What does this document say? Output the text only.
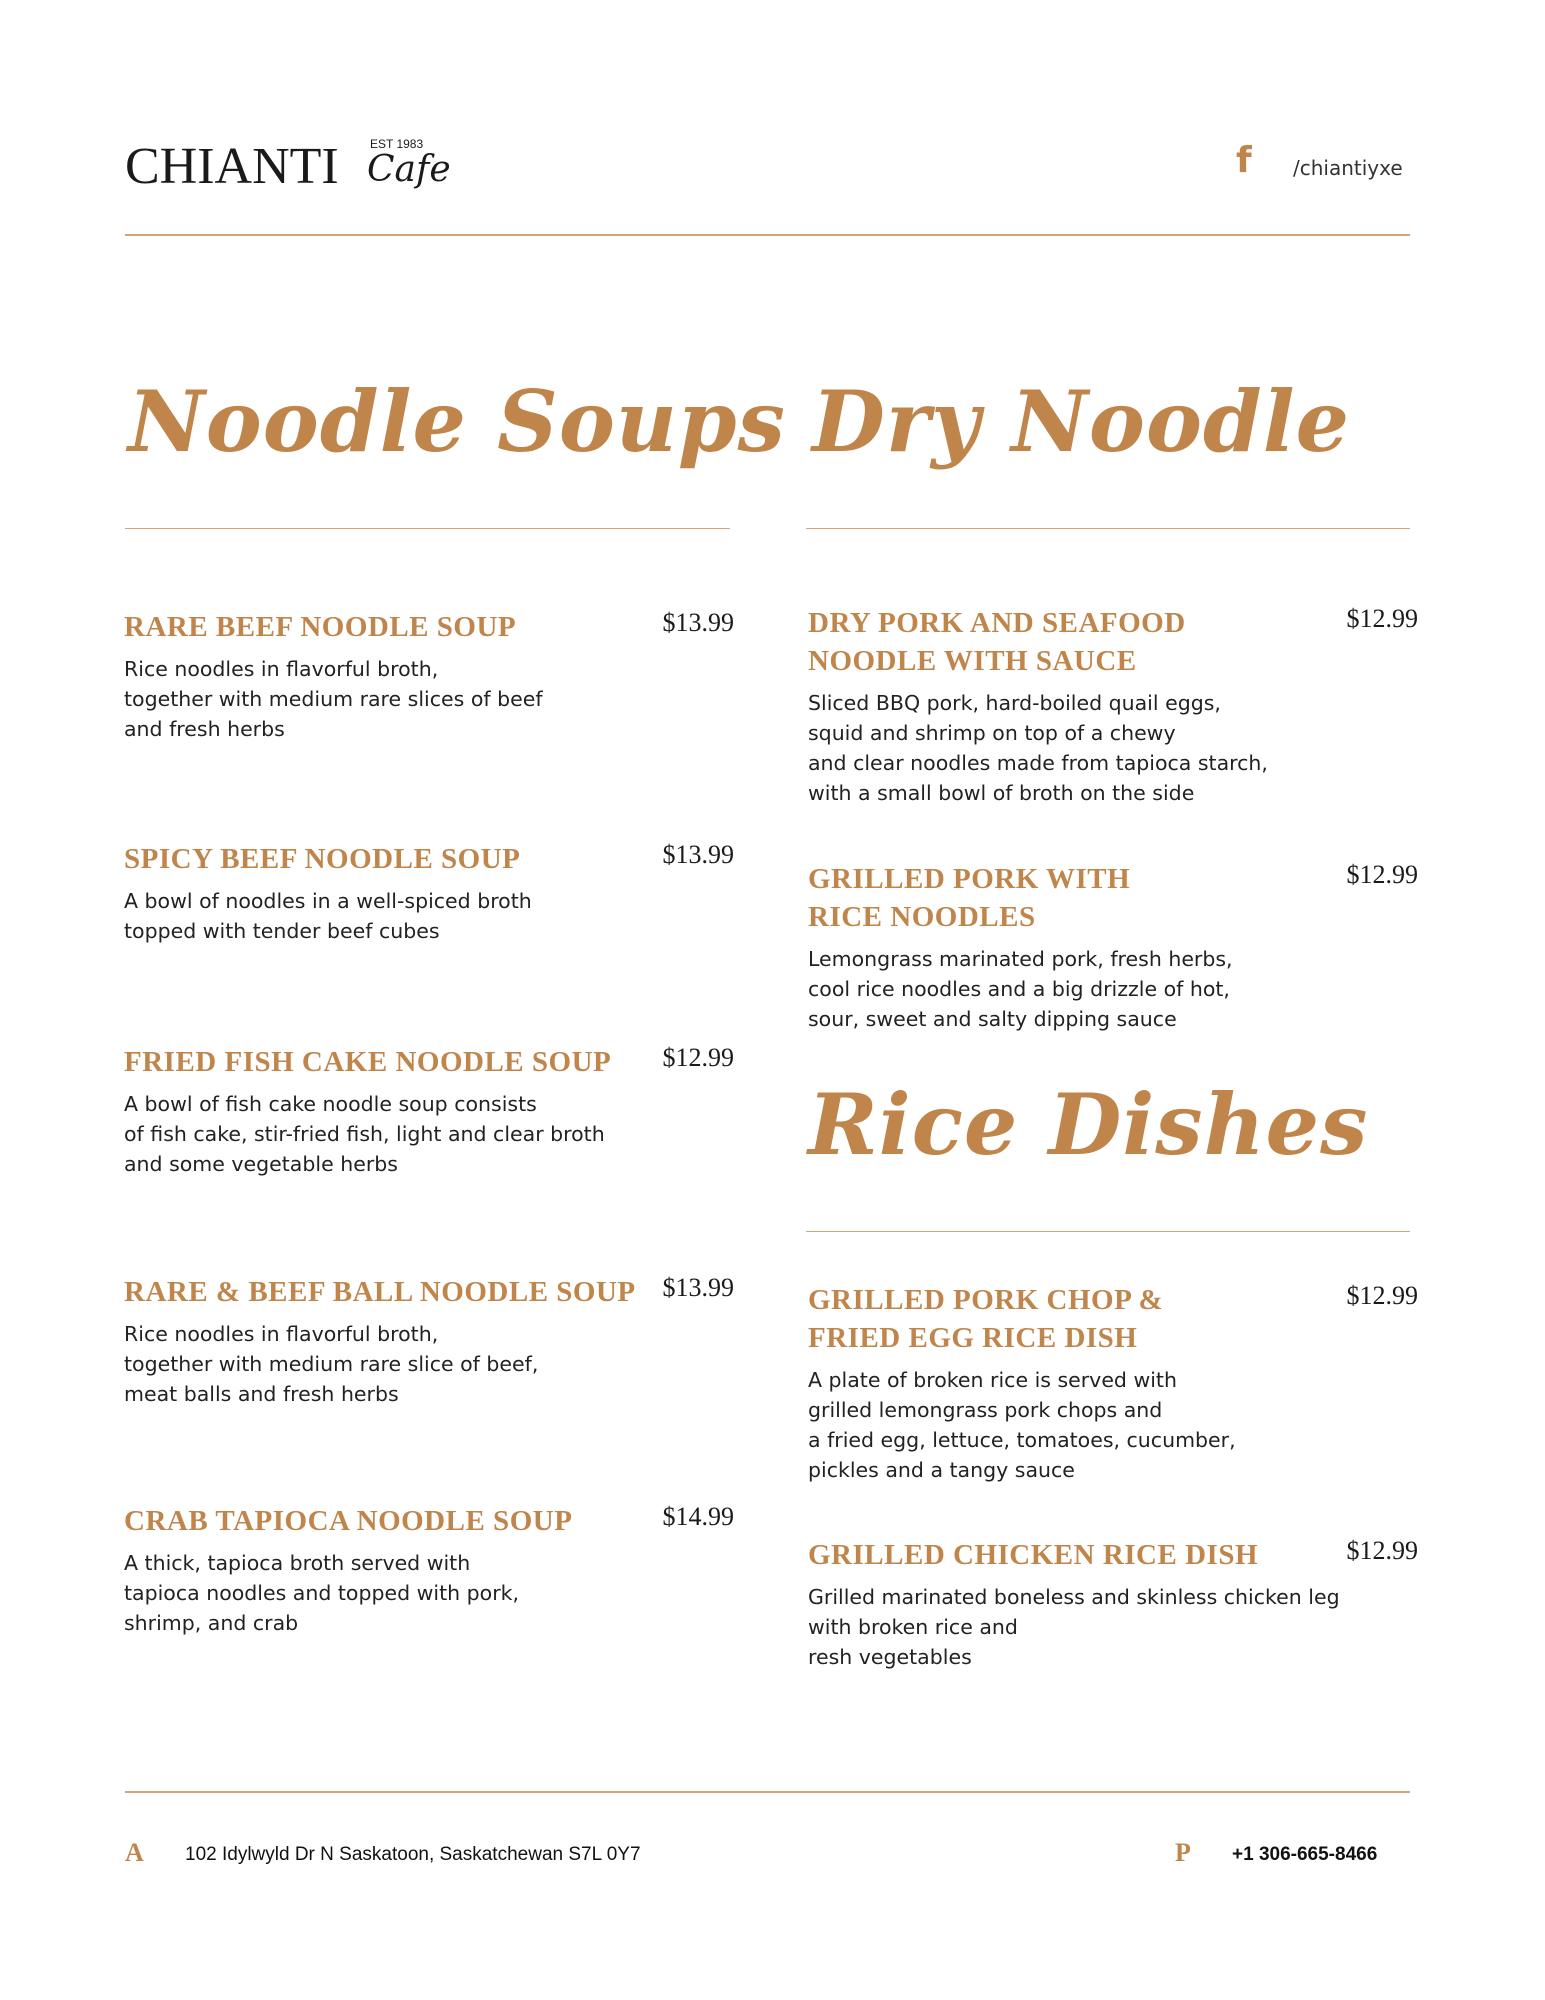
CHIANTI	EST 1983
Cafe	f /chiantiyxe
Noodle Soups Dry Noodle
Rice Dishes
RARE BEEF NOODLE SOUP	$13.99
Rice noodles in flavorful broth,
together with medium rare slices of beef
and fresh herbs
SPICY BEEF NOODLE SOUP	$13.99
A bowl of noodles in a well-spiced broth
topped with tender beef cubes
FRIED FISH CAKE NOODLE SOUP	$12.99
A bowl of fish cake noodle soup consists
of fish cake, stir-fried fish, light and clear broth
and some vegetable herbs
RARE & BEEF BALL NOODLE SOUP	$13.99
Rice noodles in flavorful broth,
together with medium rare slice of beef,
meat balls and fresh herbs
CRAB TAPIOCA NOODLE SOUP	$14.99
A thick, tapioca broth served with
tapioca noodles and topped with pork,
shrimp, and crab
DRY PORK AND SEAFOOD
NOODLE WITH SAUCE
$12.99
Sliced BBQ pork, hard-boiled quail eggs,
squid and shrimp on top of a chewy
and clear noodles made from tapioca starch,
with a small bowl of broth on the side
GRILLED PORK WITH
RICE NOODLES
$12.99
Lemongrass marinated pork, fresh herbs,
cool rice noodles and a big drizzle of hot,
sour, sweet and salty dipping sauce
GRILLED PORK CHOP &
FRIED EGG RICE DISH
$12.99
A plate of broken rice is served with
grilled lemongrass pork chops and
a fried egg, lettuce, tomatoes, cucumber,
pickles and a tangy sauce
GRILLED CHICKEN RICE DISH	$12.99
Grilled marinated boneless and skinless chicken leg
with broken rice and
resh vegetables
A 102 Idylwyld Dr N Saskatoon, Saskatchewan S7L 0Y7	P +1 306-665-8466
